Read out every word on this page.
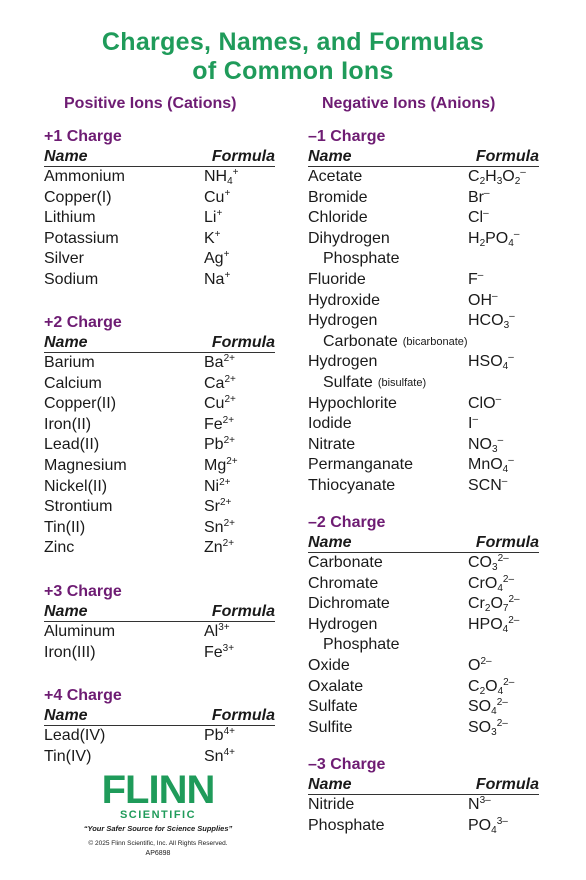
Charges, Names, and Formulas
of Common Ions
Positive Ions (Cations)	Negative Ions (Anions)
+1 Charge
Name	Formula
Ammonium	$NH_4^+$
Copper(I)	Cu+
Lithium	Li+
Potassium	K+
Silver	Ag+
Sodium	Na+
+2 Charge
Name	Formula
Barium	$Ba^{2+}$
Calcium	$Ca^{2+}$
Copper(II)	$Cu^{2+}$
Iron(II)	$Fe^{2+}$
Lead(II)	$Pb^{2+}$
Magnesium	$Mg^{2+}$
Nickel(II)	$Ni^{2+}$
Strontium	$Sr^{2+}$
Tin(II)	$Sn^{2+}$
Zinc	$Zn^{2+}$
+3 Charge
Name	Formula
Aluminum	$Al^{3+}$
Iron(III)	$Fe^{3+}$
+4 Charge
Name	Formula
Lead(IV)	$Pb^{4+}$
Tin(IV)	$Sn^{4+}$
–1 Charge
Name	Formula
Acetate	$C_2H_3O_2^-$
Bromide	Br–
Chloride	Cl–
Dihydrogen	$H_2PO_4^-$
Phosphate
Fluoride	F–
Hydroxide	OH–
Hydrogen	$HCO_3^-$
Carbonate (bicarbonate)
Hydrogen	$HSO_4^-$
Sulfate (bisulfate)
Hypochlorite	ClO–
Iodide	I–
Nitrate	$NO_3^-$
Permanganate	MnO$_4$–
Thiocyanate	SCN–
–2 Charge
Name	Formula
Carbonate	$CO_3^{2-}$
Chromate	CrO$_4^{2-}$
Dichromate	$Cr_2O_7^{2-}$
Hydrogen	$HPO_4^{2-}$
Phosphate
Oxide	$O^{2-}$
Oxalate	$C_2O_4^{2-}$
Sulfate	$SO_4^{2-}$
Sulfite	$SO_3^{2-}$
–3 Charge
Name	Formula
Nitride	$N^{3-}$
Phosphate	$PO_4^{3-}$
FLINN
SCIENTIFIC
“Your Safer Source for Science Supplies”
© 2025 Flinn Scientific, Inc. All Rights Reserved.
AP6898
